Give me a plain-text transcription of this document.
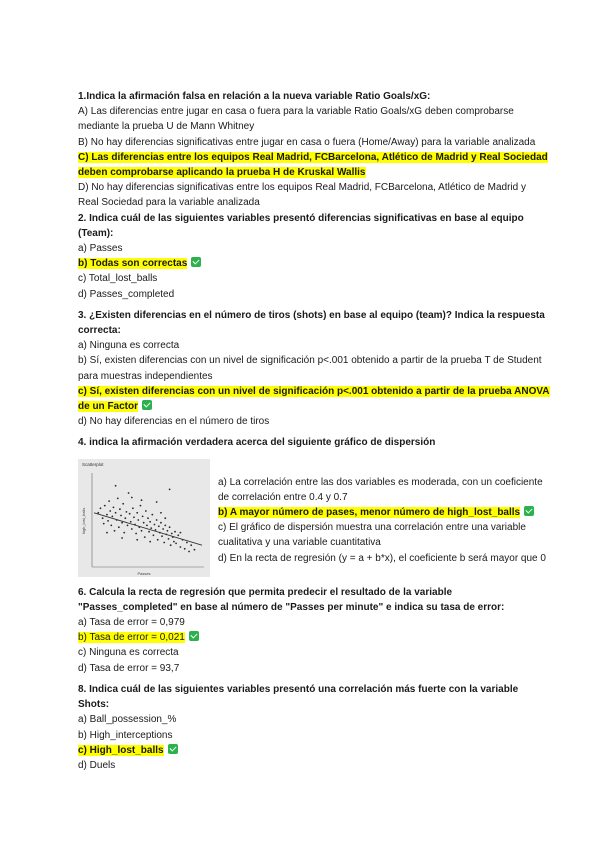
1.Indica la afirmación falsa en relación a la nueva variable Ratio Goals/xG:
A) Las diferencias entre jugar en casa o fuera para la variable Ratio Goals/xG deben comprobarse
mediante la prueba U de Mann Whitney
B) No hay diferencias significativas entre jugar en casa o fuera (Home/Away) para la variable analizada
C) Las diferencias entre los equipos Real Madrid, FCBarcelona, Atlético de Madrid y Real Sociedad
deben comprobarse aplicando la prueba H de Kruskal Wallis
D) No hay diferencias significativas entre los equipos Real Madrid, FCBarcelona, Atlético de Madrid y
Real Sociedad para la variable analizada
2. Indica cuál de las siguientes variables presentó diferencias significativas en base al equipo
(Team):
a) Passes
b) Todas son correctas
c) Total_lost_balls
d) Passes_completed
3. ¿Existen diferencias en el número de tiros (shots) en base al equipo (team)? Indica la respuesta
correcta:
a) Ninguna es correcta
b) Sí, existen diferencias con un nivel de significación p<.001 obtenido a partir de la prueba T de Student
para muestras independientes
c) Sí, existen diferencias con un nivel de significación p<.001 obtenido a partir de la prueba ANOVA
de un Factor
d) No hay diferencias en el número de tiros
4. indica la afirmación verdadera acerca del siguiente gráfico de dispersión
Scatterplot
Passes
high_lost_balls
a) La correlación entre las dos variables es moderada, con un coeficiente
de correlación entre 0.4 y 0.7
b) A mayor número de pases, menor número de high_lost_balls
c) El gráfico de dispersión muestra una correlación entre una variable
cualitativa y una variable cuantitativa
d) En la recta de regresión (y = a + b*x), el coeficiente b será mayor que 0
6. Calcula la recta de regresión que permita predecir el resultado de la variable
"Passes_completed" en base al número de "Passes per minute" e indica su tasa de error:
a) Tasa de error = 0,979
b) Tasa de error = 0,021
c) Ninguna es correcta
d) Tasa de error = 93,7
8. Indica cuál de las siguientes variables presentó una correlación más fuerte con la variable
Shots:
a) Ball_possession_%
b) High_interceptions
c) High_lost_balls
d) Duels
